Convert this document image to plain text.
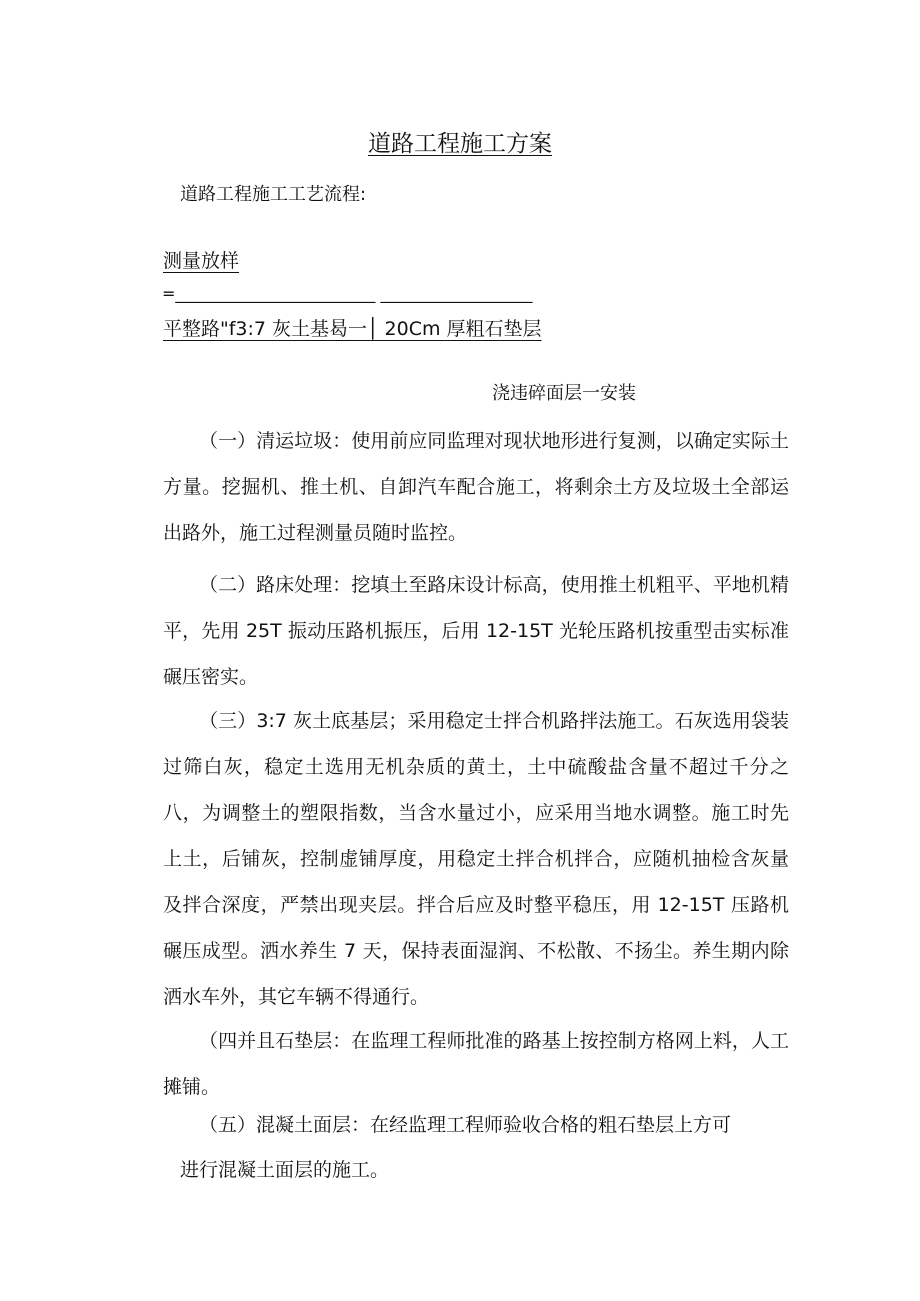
道路工程施工方案
道路工程施工工艺流程:
测量放样
=_________________________ ___________________
平整路"f3:7 灰土基曷一│ 20Cm 厚粗石垫层
浇违碎面层一安装
（一）清运垃圾：使用前应同监理对现状地形进行复测，以确定实际土方量。挖掘机、推土机、自卸汽车配合施工，将剩余土方及垃圾土全部运出路外，施工过程测量员随时监控。
（二）路床处理：挖填土至路床设计标高，使用推土机粗平、平地机精平，先用 25T 振动压路机振压，后用 12-15T 光轮压路机按重型击实标准碾压密实。
（三）3:7 灰土底基层；采用稳定士拌合机路拌法施工。石灰选用袋装过筛白灰，稳定土选用无机杂质的黄土，土中硫酸盐含量不超过千分之八，为调整土的塑限指数，当含水量过小，应采用当地水调整。施工时先上土，后铺灰，控制虚铺厚度，用稳定土拌合机拌合，应随机抽检含灰量及拌合深度，严禁出现夹层。拌合后应及时整平稳压，用 12-15T 压路机碾压成型。洒水养生 7 天，保持表面湿润、不松散、不扬尘。养生期内除洒水车外，其它车辆不得通行。
（四并且石垫层：在监理工程师批准的路基上按控制方格网上料，人工摊铺。
（五）混凝土面层：在经监理工程师验收合格的粗石垫层上方可
进行混凝土面层的施工。
